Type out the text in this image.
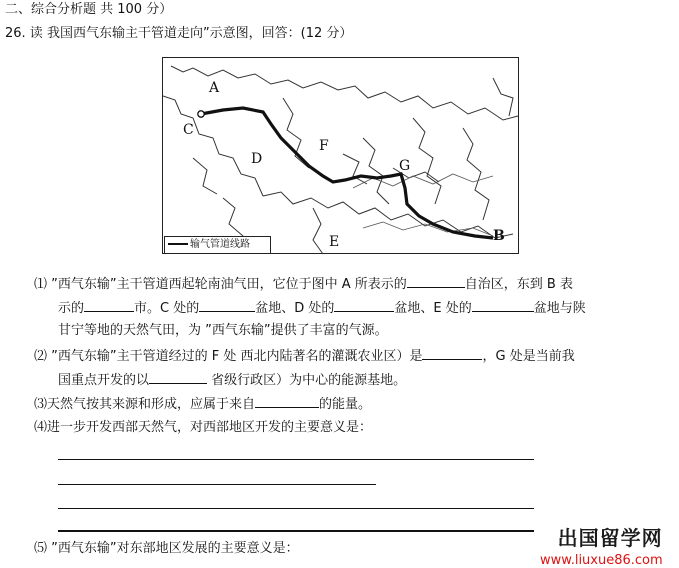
二、综合分析题 共 100 分）
26. 读 我国西气东输主干管道走向”示意图，回答：(12 分）
A
C
D
F
G
E	B
输气管道线路
⑴ ”西气东输”主干管道西起轮南油气田，它位于图中 A 所表示的	自治区，东到 B 表
示的	市。C 处的	盆地、D 处的	盆地、E 处的	盆地与陕
甘宁等地的天然气田，为 ”西气东输”提供了丰富的气源。
⑵ ”西气东输”主干管道经过的 F 处 西北内陆著名的灌溉农业区）是	，G 处是当前我
国重点开发的以	省级行政区）为中心的能源基地。
⑶天然气按其来源和形成，应属于来自	的能量。
⑷进一步开发西部天然气，对西部地区开发的主要意义是：
⑸ ”西气东输”对东部地区发展的主要意义是：	出国留学网
www.liuxue86.com
